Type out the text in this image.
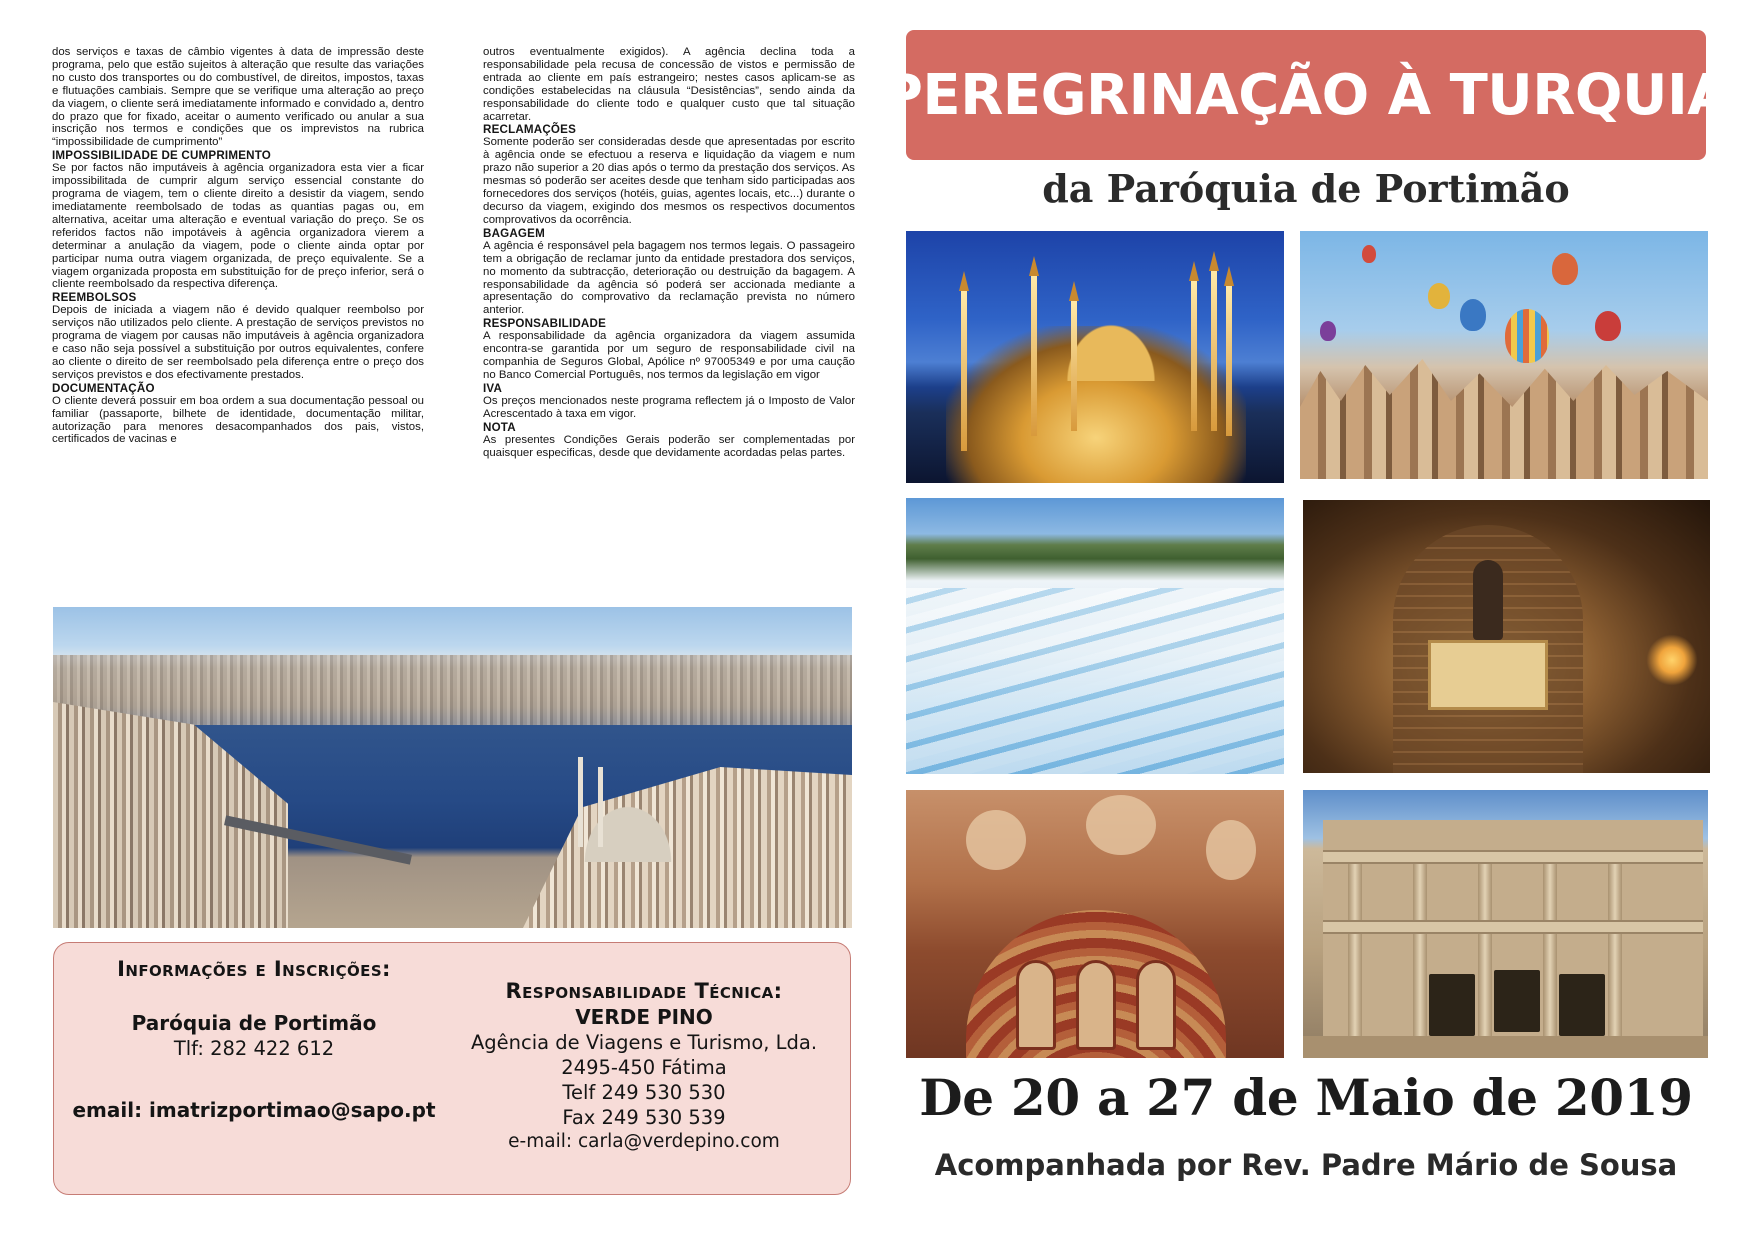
dos serviços e taxas de câmbio vigentes à data de impressão deste programa, pelo que estão sujeitos à alteração que resulte das variações no custo dos transportes ou do combustível, de direitos, impostos, taxas e flutuações cambiais. Sempre que se verifique uma alteração ao preço da viagem, o cliente será imediatamente informado e convidado a, dentro do prazo que for fixado, aceitar o aumento verificado ou anular a sua inscrição nos termos e condições que os imprevistos na rubrica “impossibilidade de cumprimento”

IMPOSSIBILIDADE DE CUMPRIMENTO

Se por factos não imputáveis à agência organizadora esta vier a ficar impossibilitada de cumprir algum serviço essencial constante do programa de viagem, tem o cliente direito a desistir da viagem, sendo imediatamente reembolsado de todas as quantias pagas ou, em alternativa, aceitar uma alteração e eventual variação do preço. Se os referidos factos não impotáveis à agência organizadora vierem a determinar a anulação da viagem, pode o cliente ainda optar por participar numa outra viagem organizada, de preço equivalente. Se a viagem organizada proposta em substituição for de preço inferior, será o cliente reembolsado da respectiva diferença.

REEMBOLSOS

Depois de iniciada a viagem não é devido qualquer reembolso por serviços não utilizados pelo cliente. A prestação de serviços previstos no programa de viagem por causas não imputáveis à agência organizadora e caso não seja possível a substituição por outros equivalentes, confere ao cliente o direito de ser reembolsado pela diferença entre o preço dos serviços previstos e dos efectivamente prestados.

DOCUMENTAÇÃO

O cliente deverá possuir em boa ordem a sua documentação pessoal ou familiar (passaporte, bilhete de identidade, documentação militar, autorização para menores desacompanhados dos pais, vistos, certificados de vacinas e

outros eventualmente exigidos). A agência declina toda a responsabilidade pela recusa de concessão de vistos e permissão de entrada ao cliente em país estrangeiro; nestes casos aplicam-se as condições estabelecidas na cláusula “Desistências”, sendo ainda da responsabilidade do cliente todo e qualquer custo que tal situação acarretar.

RECLAMAÇÕES

Somente poderão ser consideradas desde que apresentadas por escrito à agência onde se efectuou a reserva e liquidação da viagem e num prazo não superior a 20 dias após o termo da prestação dos serviços. As mesmas só poderão ser aceites desde que tenham sido participadas aos fornecedores dos serviços (hotéis, guias, agentes locais, etc...) durante o decurso da viagem, exigindo dos mesmos os respectivos documentos comprovativos da ocorrência.

BAGAGEM

A agência é responsável pela bagagem nos termos legais. O passageiro tem a obrigação de reclamar junto da entidade prestadora dos serviços, no momento da subtracção, deterioração ou destruição da bagagem. A responsabilidade da agência só poderá ser accionada mediante a apresentação do comprovativo da reclamação prevista no número anterior.

RESPONSABILIDADE

A responsabilidade da agência organizadora da viagem assumida encontra-se garantida por um seguro de responsabilidade civil na companhia de Seguros Global, Apólice nº 97005349 e por uma caução no Banco Comercial Português, nos termos da legislação em vigor

IVA

Os preços mencionados neste programa reflectem já o Imposto de Valor Acrescentado à taxa em vigor.

NOTA

As presentes Condições Gerais poderão ser complementadas por quaisquer especificas, desde que devidamente acordadas pelas partes.

Informações e Inscrições:
Paróquia de Portimão
Tlf: 282 422 612
email: imatrizportimao@sapo.pt
Responsabilidade Técnica:
VERDE PINO
Agência de Viagens e Turismo, Lda.
2495-450 Fátima
Telf 249 530 530
Fax 249 530 539
e-mail: carla@verdepino.com
PEREGRINAÇÃO À TURQUIA
da Paróquia de Portimão
De 20 a 27 de Maio de 2019
Acompanhada por Rev. Padre Mário de Sousa
